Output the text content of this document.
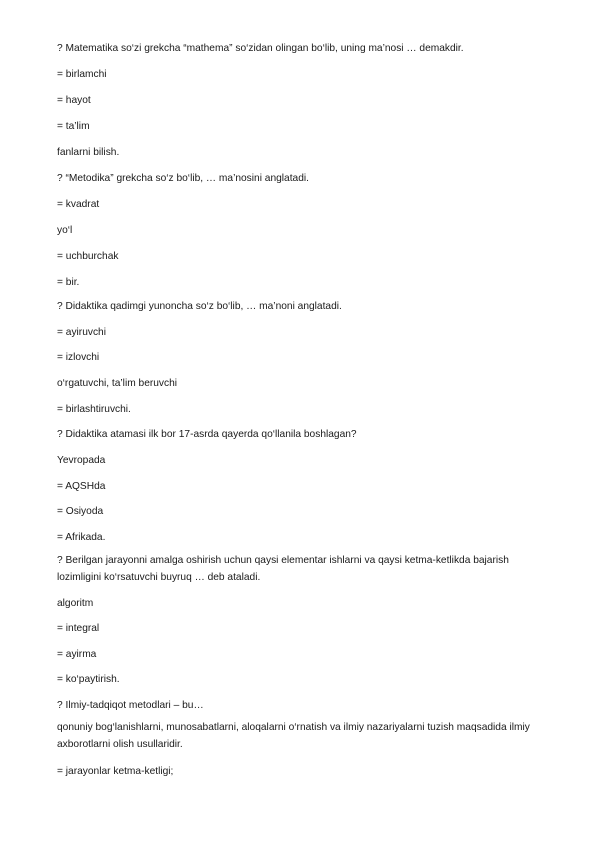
? Matematika so‘zi grekcha “mathema” so‘zidan olingan bo‘lib, uning ma’nosi … demakdir.
= birlamchi
= hayot
= ta’lim
fanlarni bilish.
? “Metodika” grekcha so‘z bo‘lib, … ma’nosini anglatadi.
= kvadrat
yo‘l
= uchburchak
= bir.
? Didaktika qadimgi yunoncha so‘z bo‘lib, … ma’noni anglatadi.
= ayiruvchi
= izlovchi
o‘rgatuvchi, ta’lim beruvchi
= birlashtiruvchi.
? Didaktika atamasi ilk bor 17-asrda qayerda qo‘llanila boshlagan?
Yevropada
= AQSHda
= Osiyoda
= Afrikada.
? Berilgan jarayonni amalga oshirish uchun qaysi elementar ishlarni va qaysi ketma-ketlikda bajarish lozimligini ko‘rsatuvchi buyruq … deb ataladi.
algoritm
= integral
= ayirma
= ko‘paytirish.
? Ilmiy-tadqiqot metodlari – bu…
qonuniy bog‘lanishlarni, munosabatlarni, aloqalarni o‘rnatish va ilmiy nazariyalarni tuzish maqsadida ilmiy axborotlarni olish usullaridir.
= jarayonlar ketma-ketligi;
